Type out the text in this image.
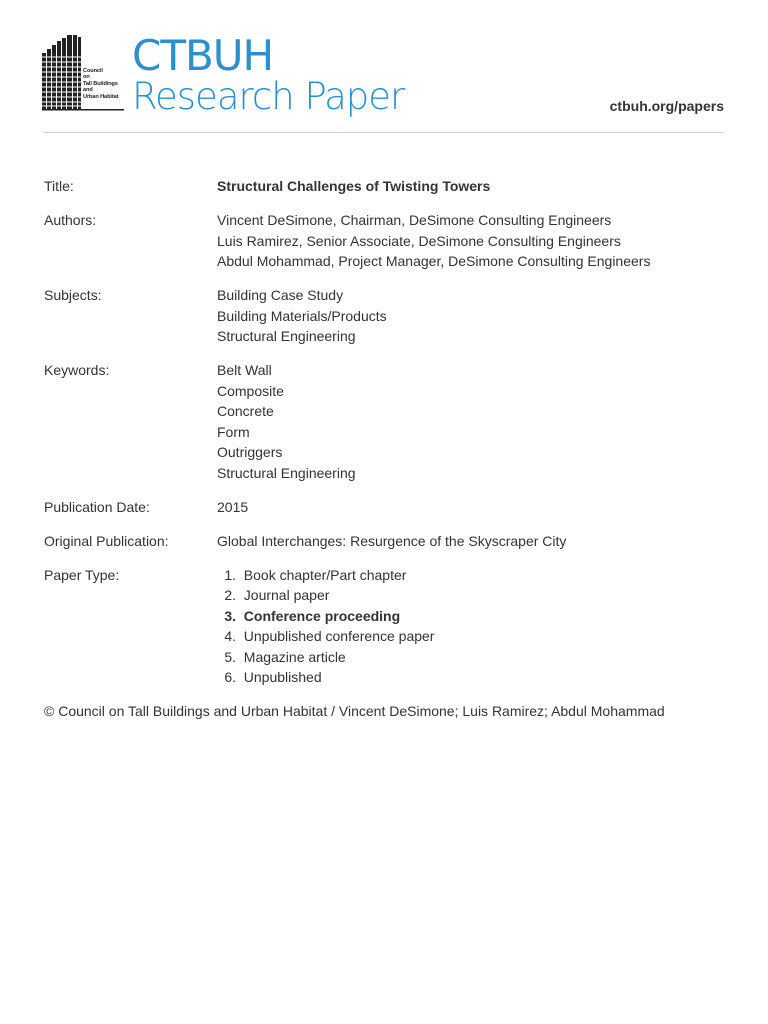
Council
on
Tall Buildings
and
Urban Habitat
CTBUH
Research Paper	ctbuh.org/papers
Title:	Structural Challenges of Twisting Towers
Authors:	Vincent DeSimone, Chairman, DeSimone Consulting Engineers
Luis Ramirez, Senior Associate, DeSimone Consulting Engineers
Abdul Mohammad, Project Manager, DeSimone Consulting Engineers
Subjects:	Building Case Study
Building Materials/Products
Structural Engineering
Keywords:	Belt Wall
Composite
Concrete
Form
Outriggers
Structural Engineering
Publication Date:	2015
Original Publication:	Global Interchanges: Resurgence of the Skyscraper City
Paper Type:	1.
Book chapter/Part chapter
2.
Journal paper
3.
Conference proceeding
4.
Unpublished conference paper
5.
Magazine article
6.
Unpublished
© Council on Tall Buildings and Urban Habitat / Vincent DeSimone; Luis Ramirez; Abdul Mohammad
